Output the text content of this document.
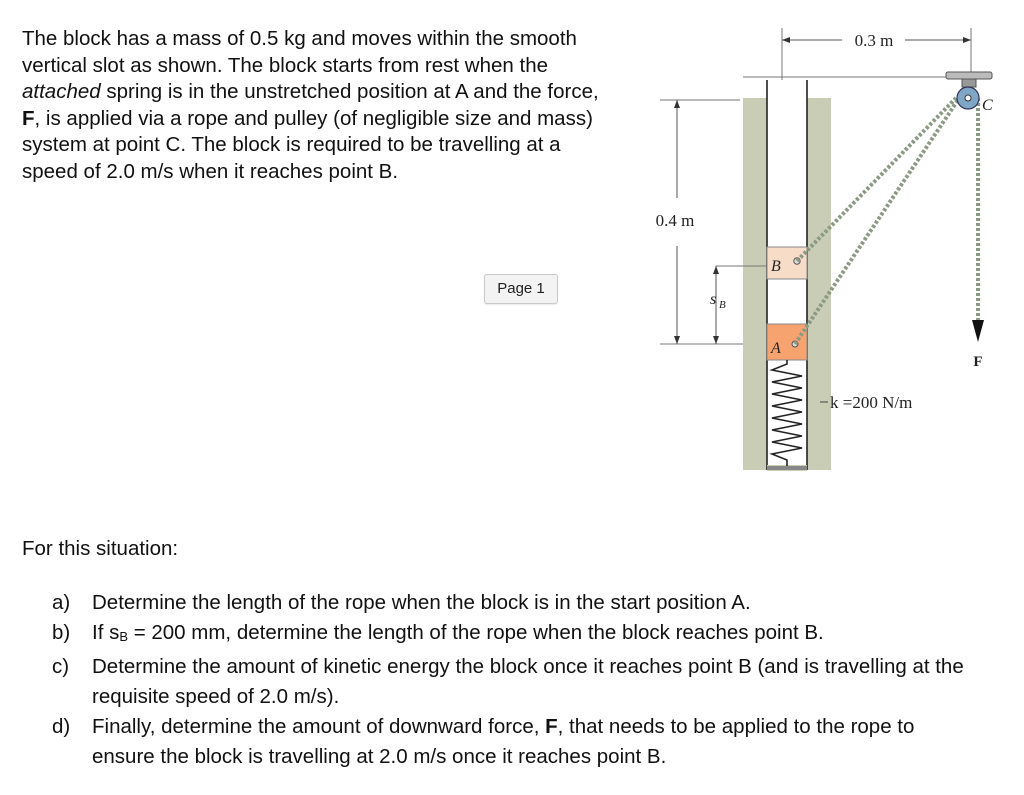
The block has a mass of 0.5 kg and moves within the smooth vertical slot as shown. The block starts from rest when the attached spring is in the unstretched position at A and the force, F, is applied via a rope and pulley (of negligible size and mass) system at point C. The block is required to be travelling at a speed of 2.0 m/s when it reaches point B.

Page 1
0.3 m
0.4 m
B
A
k =200 N/m
s B
C
F

For this situation:

a)	Determine the length of the rope when the block is in the start position A.
b)	If $s_B = 200$ mm, determine the length of the rope when the block reaches point B.
c)	Determine the amount of kinetic energy the block once it reaches point B (and is travelling at the requisite speed of 2.0 m/s).
d)	Finally, determine the amount of downward force, F, that needs to be applied to the rope to ensure the block is travelling at 2.0 m/s once it reaches point B.
